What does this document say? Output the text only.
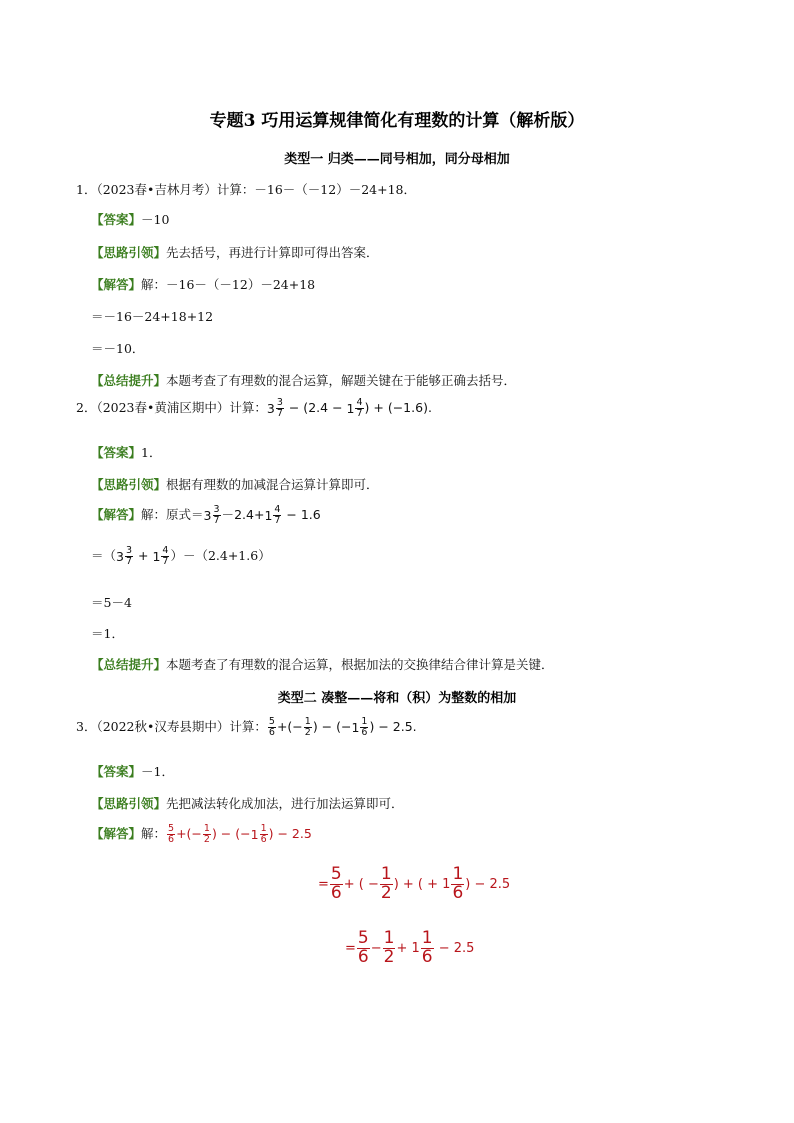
专题3 巧用运算规律简化有理数的计算（解析版）
类型一 归类——同号相加，同分母相加
1．（2023春•吉林月考）计算：－16－（－12）－24+18．
【答案】－10
【思路引领】先去括号，再进行计算即可得出答案．
【解答】解：－16－（－12）－24+18
＝－16－24+18+12
＝－10．
【总结提升】本题考查了有理数的混合运算，解题关键在于能够正确去括号．
2．（2023春•黄浦区期中）计算：$3 \frac{3}{7} - (2.4 - 1 \frac{4}{7}$ ) + (−1.6).
【答案】1．
【思路引领】根据有理数的加减混合运算计算即可．
【解答】解：原式$=3 \frac{3}{7} -2.4+1 \frac{4}{7} - 1.6$
$=(3 \frac{3}{7} + 1 \frac{4}{7} )-(2.4+1.6)$
＝5－4
＝1．
【总结提升】本题考查了有理数的混合运算，根据加法的交换律结合律计算是关键．
类型二 凑整——将和（积）为整数的相加
3．（2022秋•汉寿县期中）计算： $\frac{5}{6}$ +(− $\frac{1}{2}$ ) − ($-1 \frac{1}{6}$ ) − 2.5.
【答案】－1．
【思路引领】先把减法转化成加法，进行加法运算即可．
【解答】解： $\frac{5}{6}$ +(− $\frac{1}{2}$ ) − ($-1 \frac{1}{6}$ ) − 2.5
= $\frac{5}{6}$ + ( − $\frac{1}{2}$ ) + ( + $1 \frac{1}{6}$ ) − 2.5
= $\frac{5}{6} - \frac{1}{2} + 1 \frac{1}{6} - 2.5$
